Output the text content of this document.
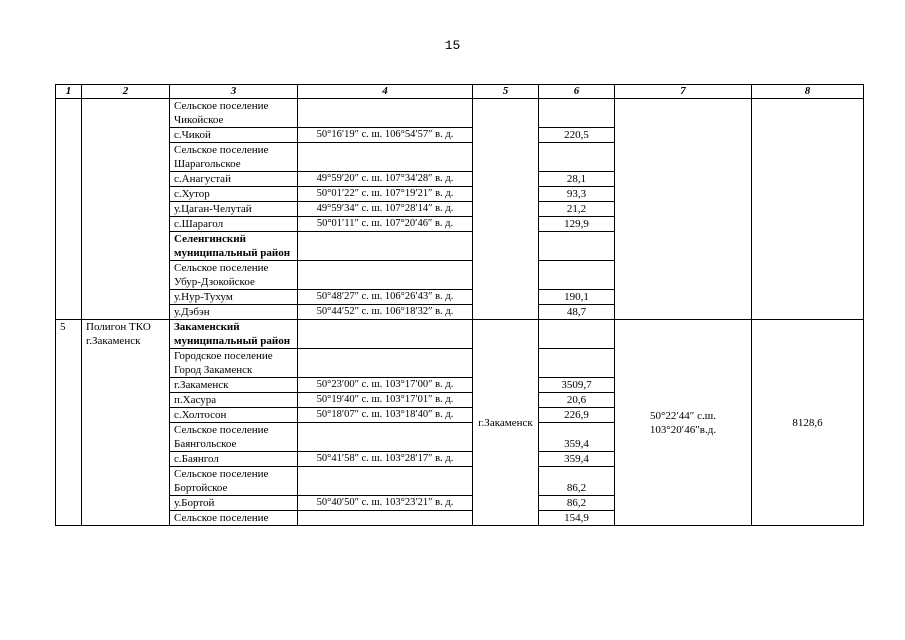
15
1	2	3	4	5	6	7	8
		Сельское поселение Чикойское					
		с.Чикой	50°16′19″ с. ш. 106°54′57″ в. д.		220,5		
		Сельское поселение Шарагольское					
		с.Анагустай	49°59′20″ с. ш. 107°34′28″ в. д.		28,1		
		с.Хутор	50°01′22″ с. ш. 107°19′21″ в. д.		93,3		
		у.Цаган-Челутай	49°59′34″ с. ш. 107°28′14″ в. д.		21,2		
		с.Шарагол	50°01′11″ с. ш. 107°20′46″ в. д.		129,9		
		Селенгинский муниципальный район					
		Сельское поселение Убур-Дзокойское					
		у.Нур-Тухум	50°48′27″ с. ш. 106°26′43″ в. д.		190,1		
		у.Дэбэн	50°44′52″ с. ш. 106°18′32″ в. д.		48,7		
5	Полигон ТКО г.Закаменск	Закаменский муниципальный район		г.Закаменск		50°22′44″ с.ш. 103°20′46″в.д.	8128,6
		Городское поселение Город Закаменск					
		г.Закаменск	50°23′00″ с. ш. 103°17′00″ в. д.		3509,7		
		п.Хасура	50°19′40″ с. ш. 103°17′01″ в. д.		20,6		
		с.Холтосон	50°18′07″ с. ш. 103°18′40″ в. д.		226,9		
		Сельское поселение Баянгольское			359,4		
		с.Баянгол	50°41′58″ с. ш. 103°28′17″ в. д.		359,4		
		Сельское поселение Бортойское			86,2		
		у.Бортой	50°40′50″ с. ш. 103°23′21″ в. д.		86,2		
		Сельское поселение			154,9		
